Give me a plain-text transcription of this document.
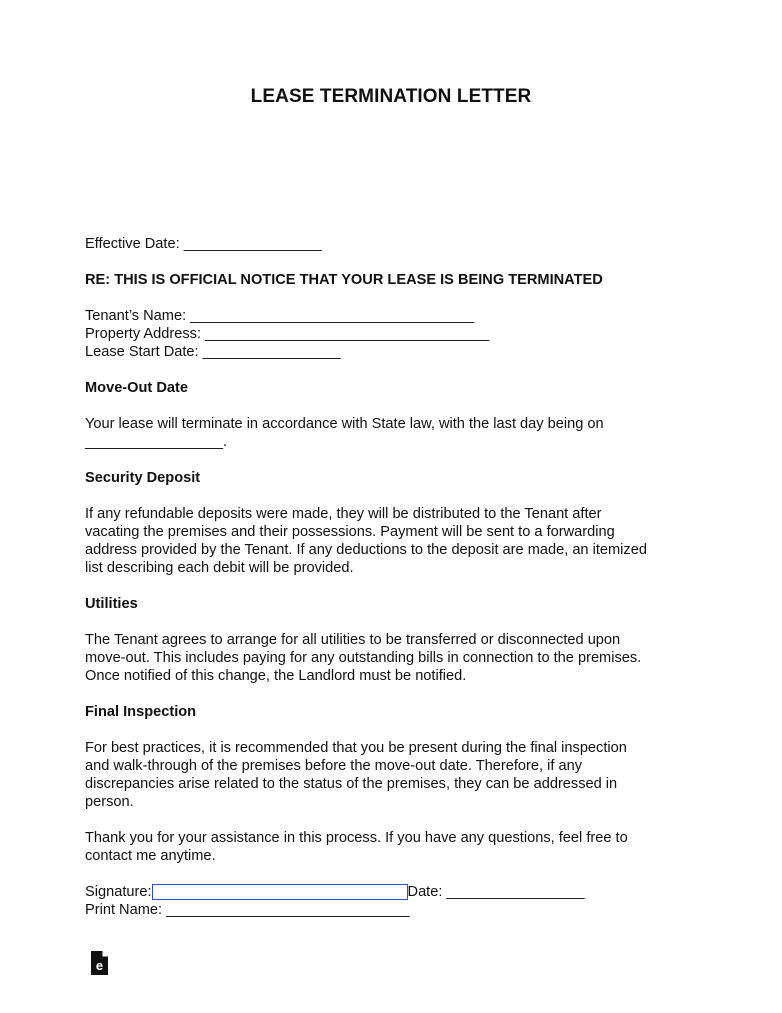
LEASE TERMINATION LETTER

Effective Date: _________________

RE: THIS IS OFFICIAL NOTICE THAT YOUR LEASE IS BEING TERMINATED

Tenant’s Name: ___________________________________

Property Address: ___________________________________

Lease Start Date: _________________

Move-Out Date

Your lease will terminate in accordance with State law, with the last day being on

_________________.

Security Deposit

If any refundable deposits were made, they will be distributed to the Tenant after

vacating the premises and their possessions. Payment will be sent to a forwarding

address provided by the Tenant. If any deductions to the deposit are made, an itemized

list describing each debit will be provided.

Utilities

The Tenant agrees to arrange for all utilities to be transferred or disconnected upon

move-out. This includes paying for any outstanding bills in connection to the premises.

Once notified of this change, the Landlord must be notified.

Final Inspection

For best practices, it is recommended that you be present during the final inspection

and walk-through of the premises before the move-out date. Therefore, if any

discrepancies arise related to the status of the premises, they can be addressed in

person.

Thank you for your assistance in this process. If you have any questions, feel free to

contact me anytime.

Signature:	Date: _________________

Print Name: ______________________________

e
